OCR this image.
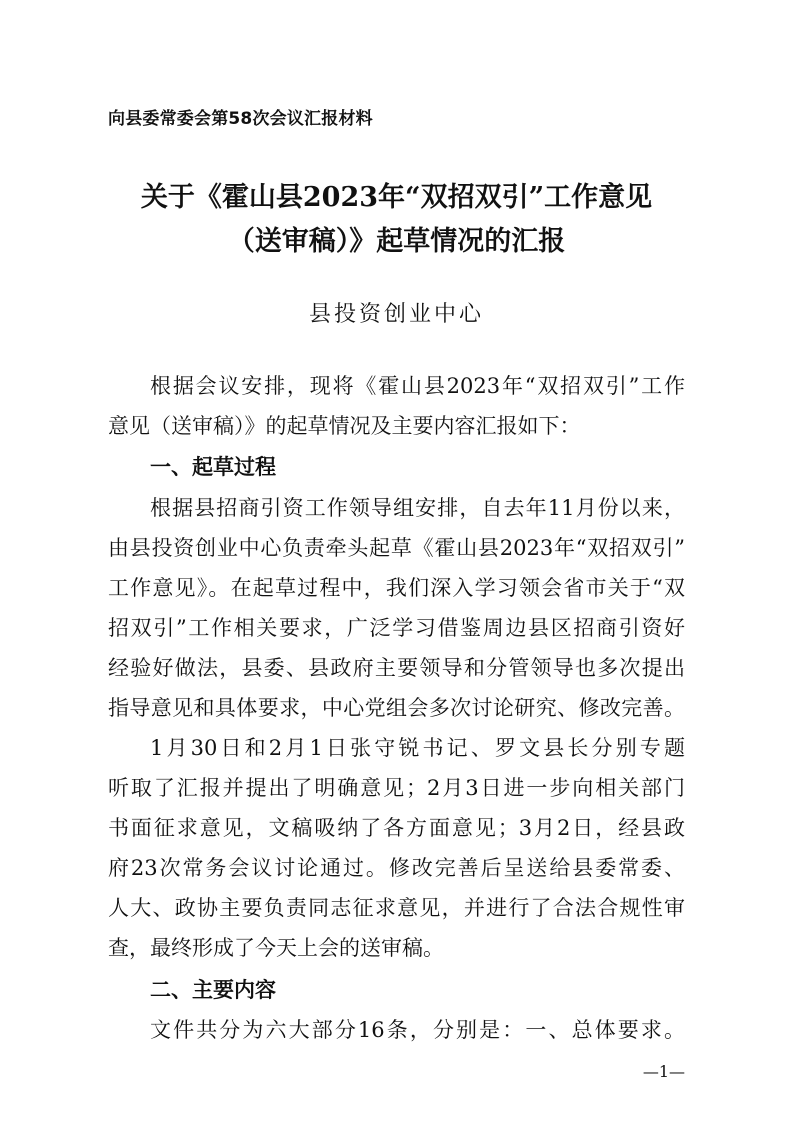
向县委常委会第58次会议汇报材料
关于《霍山县2023年“双招双引”工作意见
（送审稿）》起草情况的汇报
县投资创业中心
根据会议安排，现将《霍山县2023年“双招双引”工作
意见（送审稿）》的起草情况及主要内容汇报如下：
一、起草过程
根据县招商引资工作领导组安排，自去年11月份以来，
由县投资创业中心负责牵头起草《霍山县2023年“双招双引”
工作意见》。在起草过程中，我们深入学习领会省市关于“双
招双引”工作相关要求，广泛学习借鉴周边县区招商引资好
经验好做法，县委、县政府主要领导和分管领导也多次提出
指导意见和具体要求，中心党组会多次讨论研究、修改完善。
1月30日和2月1日张守锐书记、罗文县长分别专题
听取了汇报并提出了明确意见；2月3日进一步向相关部门
书面征求意见，文稿吸纳了各方面意见；3月2日，经县政
府23次常务会议讨论通过。修改完善后呈送给县委常委、
人大、政协主要负责同志征求意见，并进行了合法合规性审
查，最终形成了今天上会的送审稿。
二、主要内容
文件共分为六大部分16条，分别是：一、总体要求。
—1—
